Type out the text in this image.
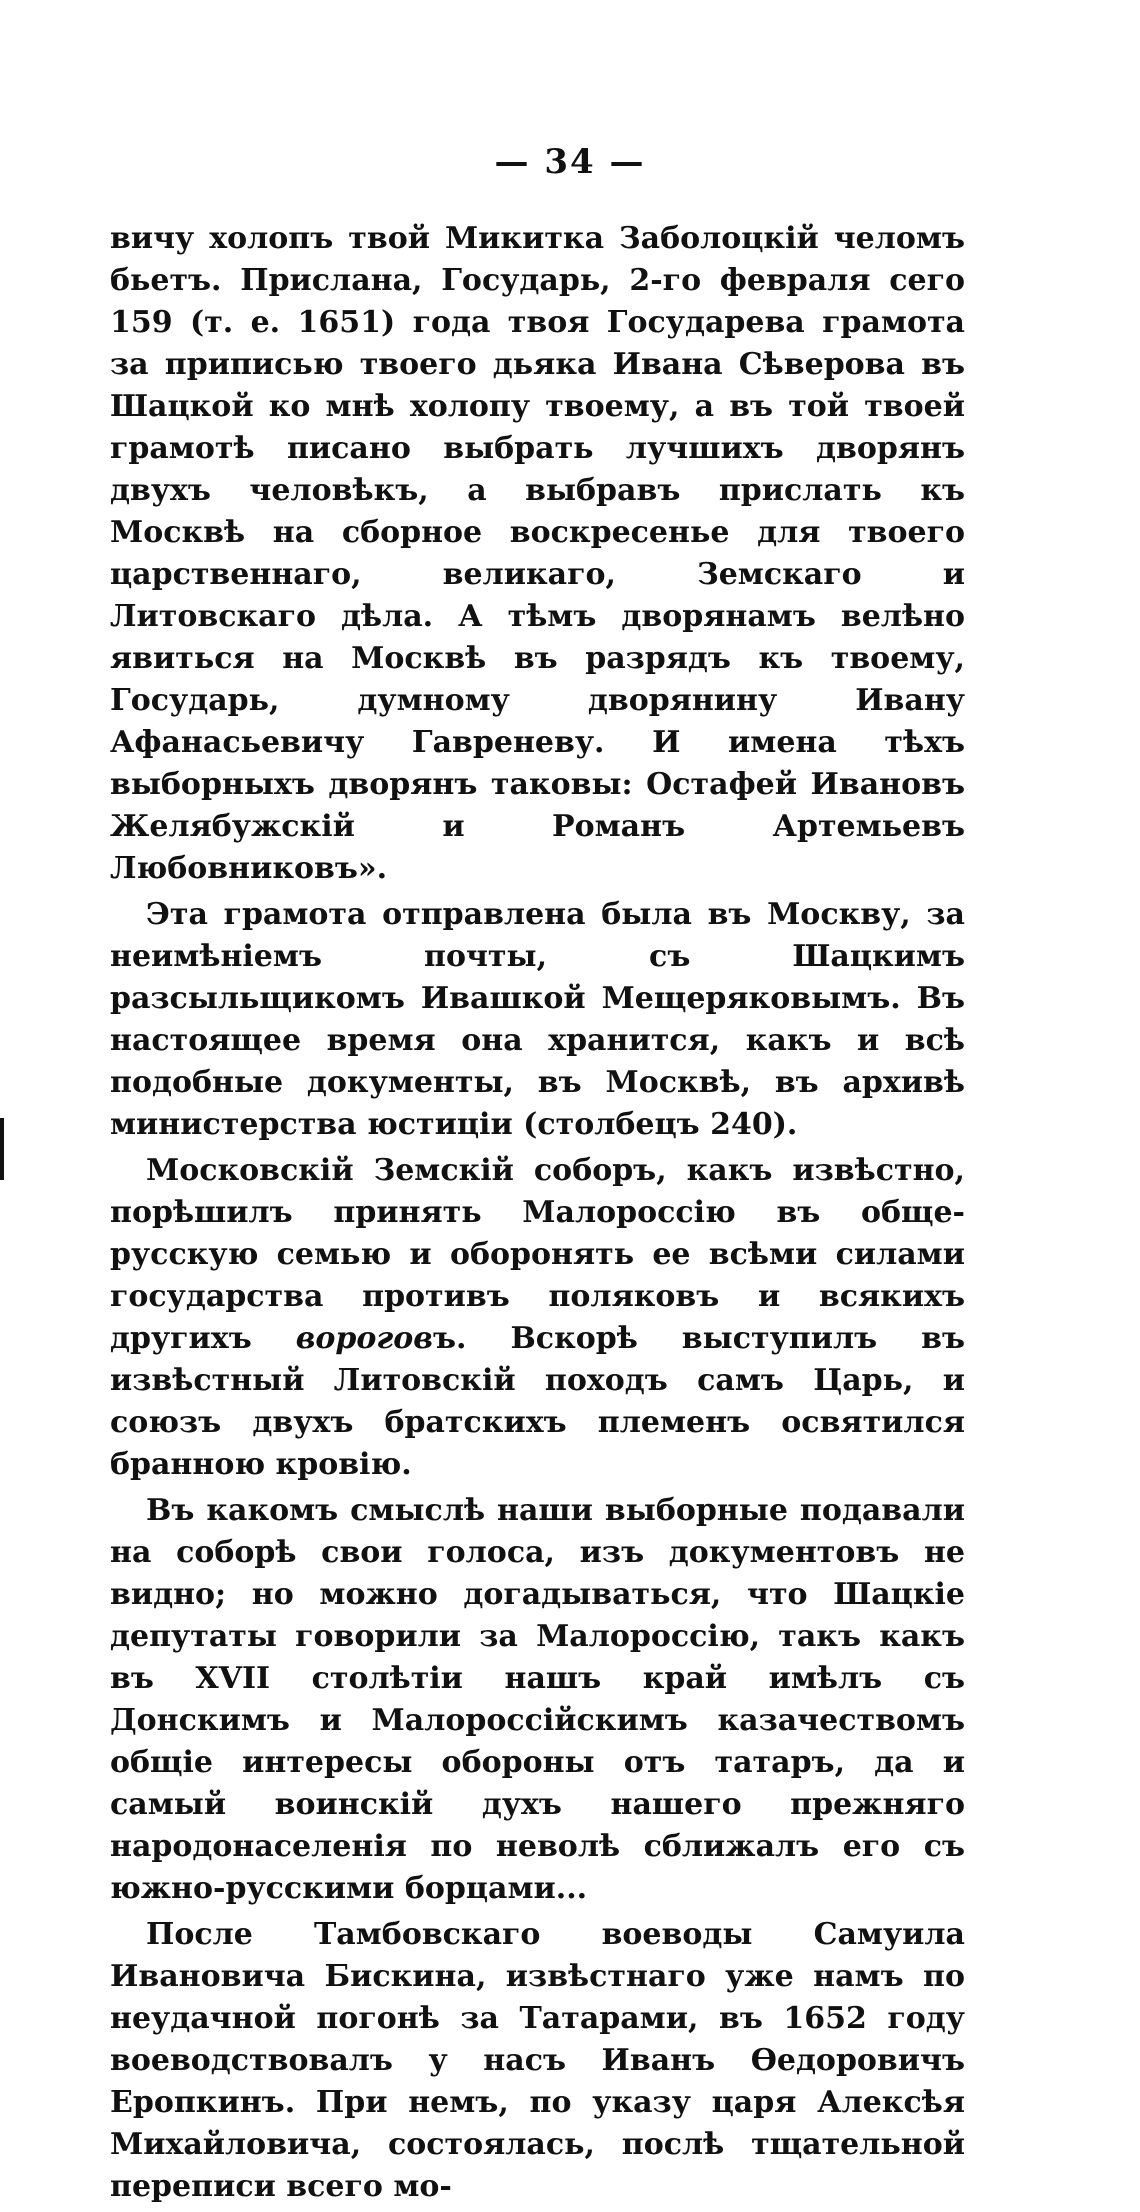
— 34 —

вичу холопъ твой Микитка Заболоцкій челомъ бьетъ. Прислана, Государь, 2-го февраля сего 159 (т. е. 1651) года твоя Государева грамота за приписью твоего дьяка Ивана Сѣверова въ Шацкой ко мнѣ холопу твоему, а въ той твоей грамотѣ писано выбрать лучшихъ дворянъ двухъ человѣкъ, а выбравъ прислать къ Москвѣ на сборное воскресенье для твоего царственнаго, великаго, Земскаго и Литовскаго дѣла. А тѣмъ дворянамъ велѣно явиться на Москвѣ въ разрядъ къ твоему, Государь, думному дворянину Ивану Афанасьевичу Гавреневу. И имена тѣхъ выборныхъ дворянъ таковы: Остафей Ивановъ Желябужскій и Романъ Артемьевъ Любовниковъ».

Эта грамота отправлена была въ Москву, за неимѣніемъ почты, съ Шацкимъ разсыльщикомъ Ивашкой Мещеряковымъ. Въ настоящее время она хранится, какъ и всѣ подобные документы, въ Москвѣ, въ архивѣ министерства юстиціи (столбецъ 240).

Московскій Земскій соборъ, какъ извѣстно, порѣшилъ принять Малороссію въ обще-русскую семью и оборонять ее всѣми силами государства противъ поляковъ и всякихъ другихъ вороговъ. Вскорѣ выступилъ въ извѣстный Литовскій походъ самъ Царь, и союзъ двухъ братскихъ племенъ освятился бранною кровію.

Въ какомъ смыслѣ наши выборные подавали на соборѣ свои голоса, изъ документовъ не видно; но можно догадываться, что Шацкіе депутаты говорили за Малороссію, такъ какъ въ XVII столѣтіи нашъ край имѣлъ съ Донскимъ и Малороссійскимъ казачествомъ общіе интересы обороны отъ татаръ, да и самый воинскій духъ нашего прежняго народонаселенія по неволѣ сближалъ его съ южно-русскими борцами...

После Тамбовскаго воеводы Самуила Ивановича Бискина, извѣстнаго уже намъ по неудачной погонѣ за Татарами, въ 1652 году воеводствовалъ у насъ Иванъ Ѳедоровичъ Еропкинъ. При немъ, по указу царя Алексѣя Михайловича, состоялась, послѣ тщательной переписи всего мо-
